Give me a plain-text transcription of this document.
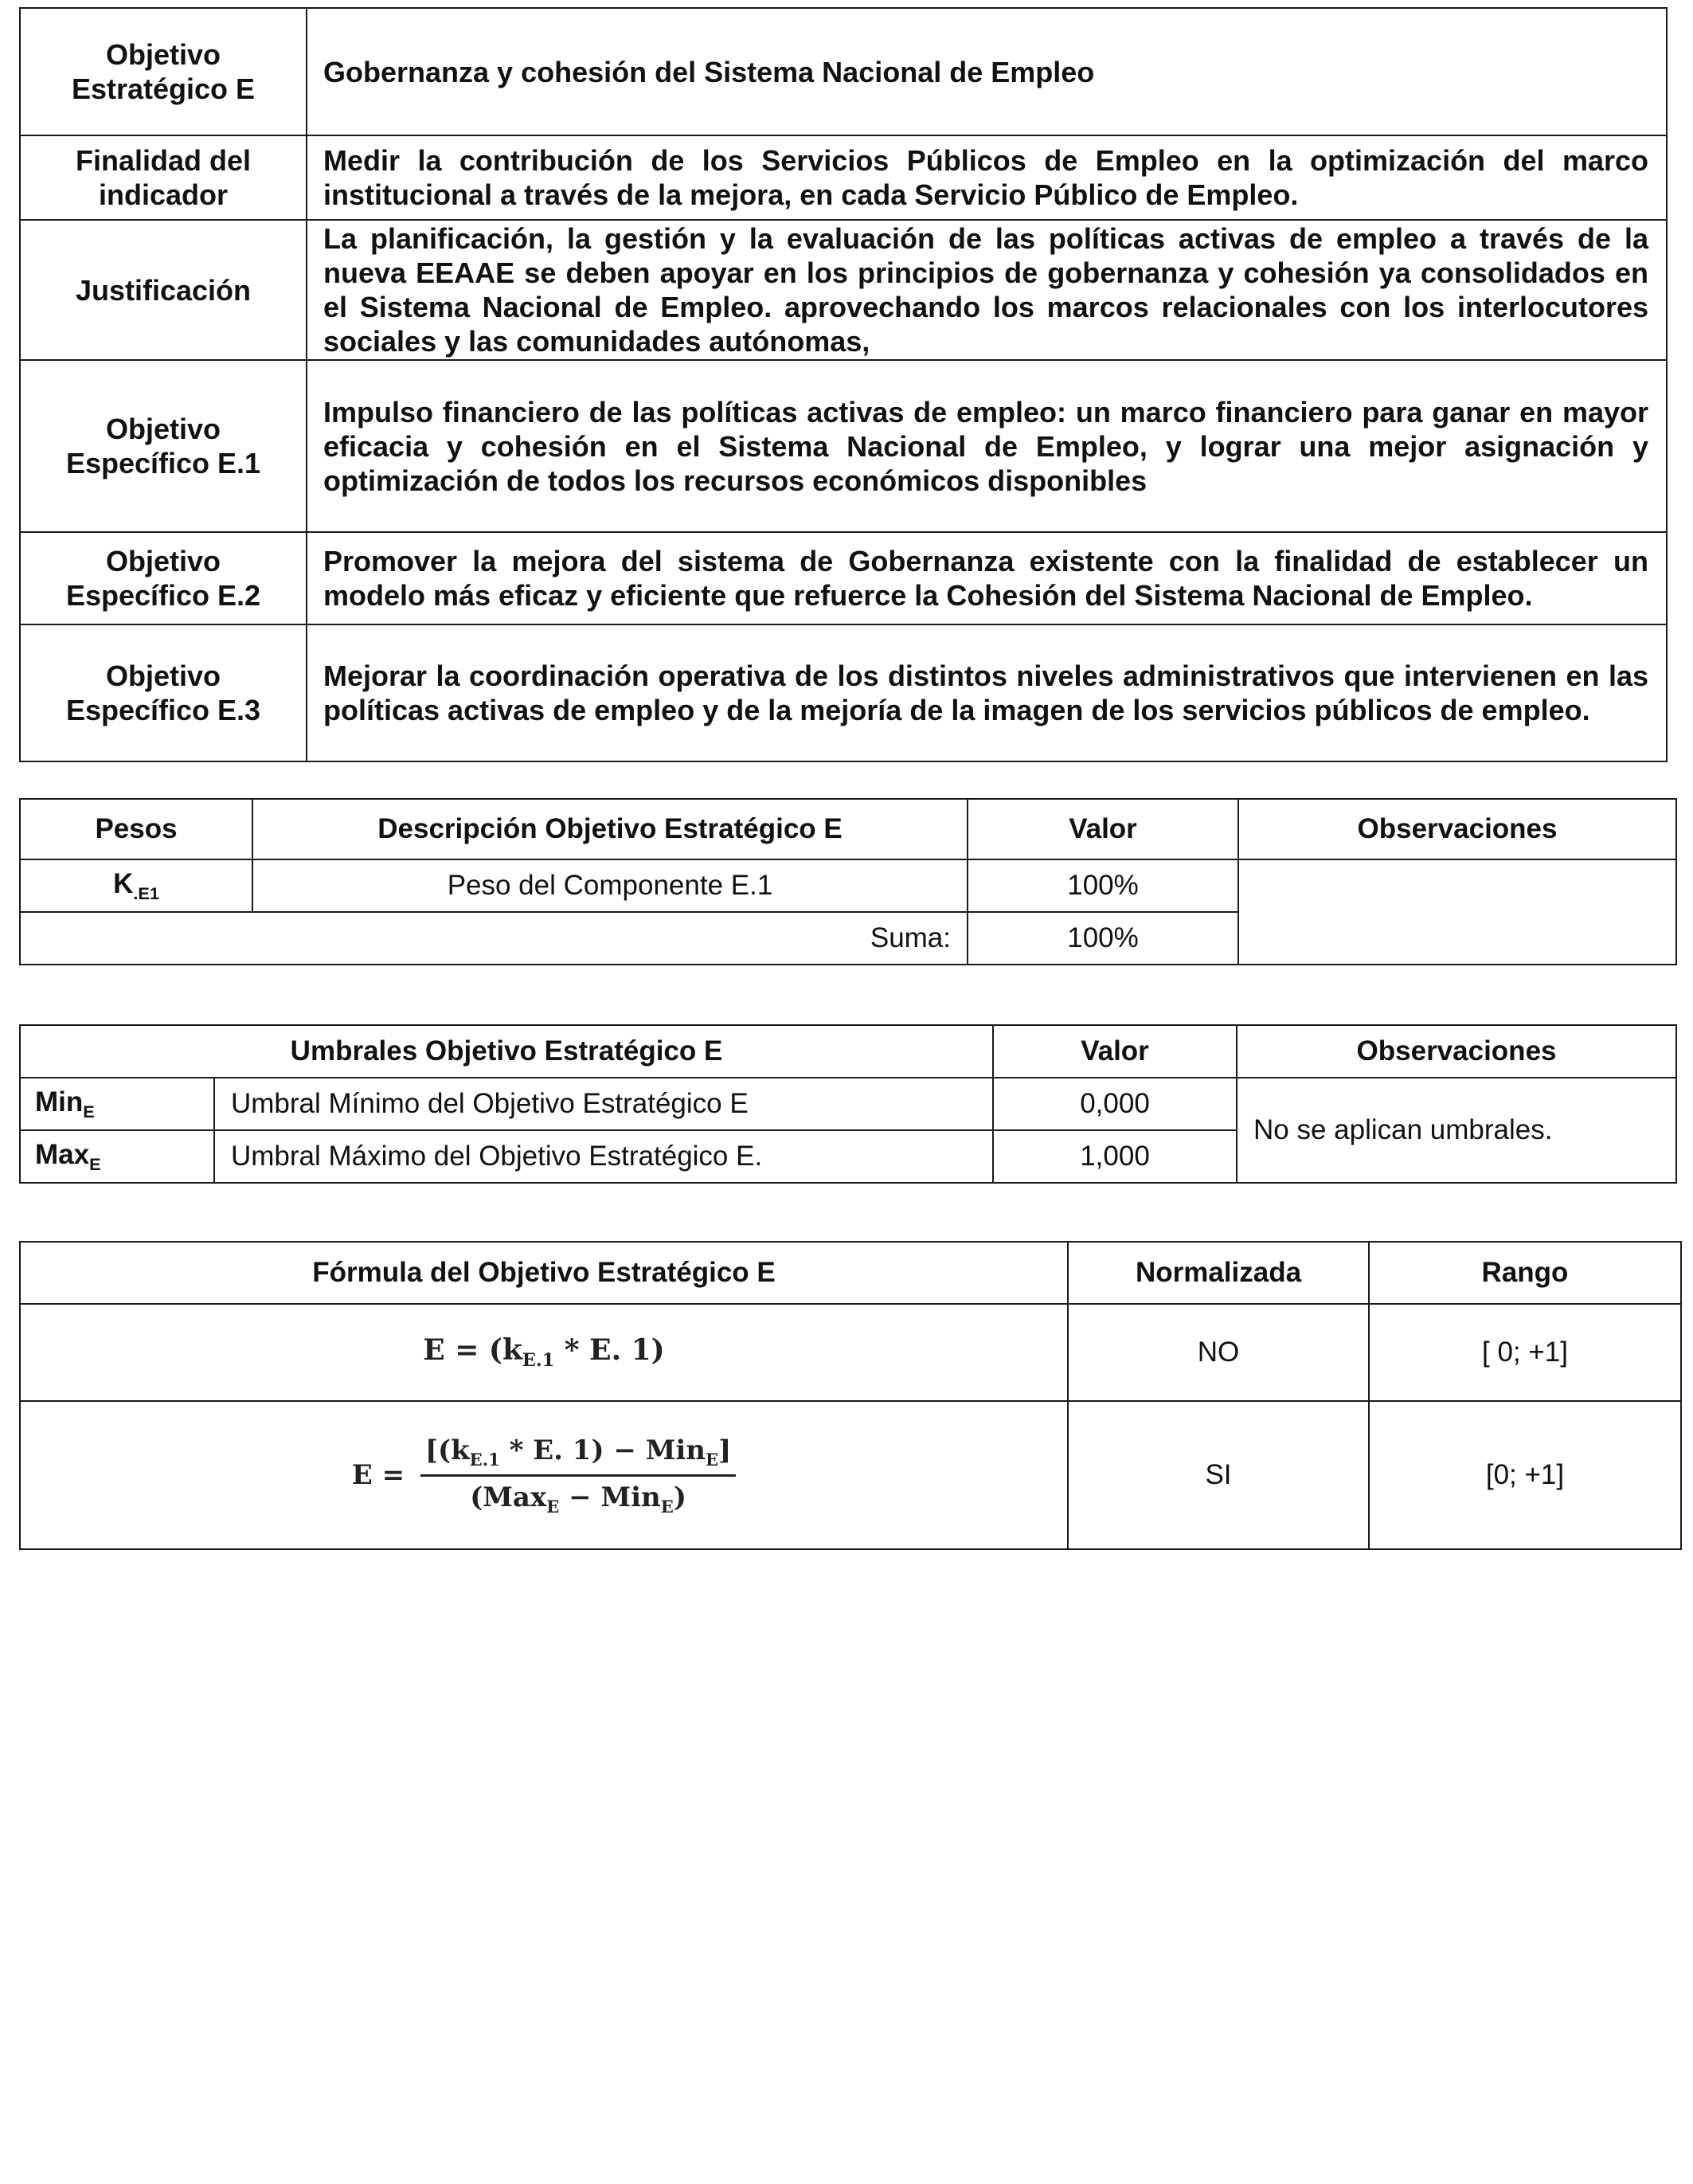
Objetivo
Estratégico E	Gobernanza y cohesión del Sistema Nacional de Empleo

Finalidad del
indicador	Medir la contribución de los Servicios Públicos de Empleo en la optimización del marco institucional a través de la mejora, en cada Servicio Público de Empleo.

Justificación	La planificación, la gestión y la evaluación de las políticas activas de empleo a través de la nueva EEAAE se deben apoyar en los principios de gobernanza y cohesión ya consolidados en el Sistema Nacional de Empleo. aprovechando los marcos relacionales con los interlocutores sociales y las comunidades autónomas,

Objetivo
Específico E.1	Impulso financiero de las políticas activas de empleo: un marco financiero para ganar en mayor eficacia y cohesión en el Sistema Nacional de Empleo, y lograr una mejor asignación y optimización de todos los recursos económicos disponibles

Objetivo
Específico E.2	Promover la mejora del sistema de Gobernanza existente con la finalidad de establecer un modelo más eficaz y eficiente que refuerce la Cohesión del Sistema Nacional de Empleo.

Objetivo
Específico E.3	Mejorar la coordinación operativa de los distintos niveles administrativos que intervienen en las políticas activas de empleo y de la mejoría de la imagen de los servicios públicos de empleo.
Pesos	Descripción Objetivo Estratégico E	Valor	Observaciones
$K_{.E1}$	Peso del Componente E.1	100%	
Suma:		100%	
Umbrales Objetivo Estratégico E		Valor	Observaciones
Min$_E$	Umbral Mínimo del Objetivo Estratégico E	0,000	No se aplican umbrales.
Max$_E$	Umbral Máximo del Objetivo Estratégico E.	1,000	
Fórmula del Objetivo Estratégico E	Normalizada	Rango
$E = (k_{E.1} * E$. 1)	NO	[ 0; +1]
$E = \frac{[(k_{E.1} * E. 1) - Min_E]}{(Max_E - Min_E)}$	SI	[0; +1]
